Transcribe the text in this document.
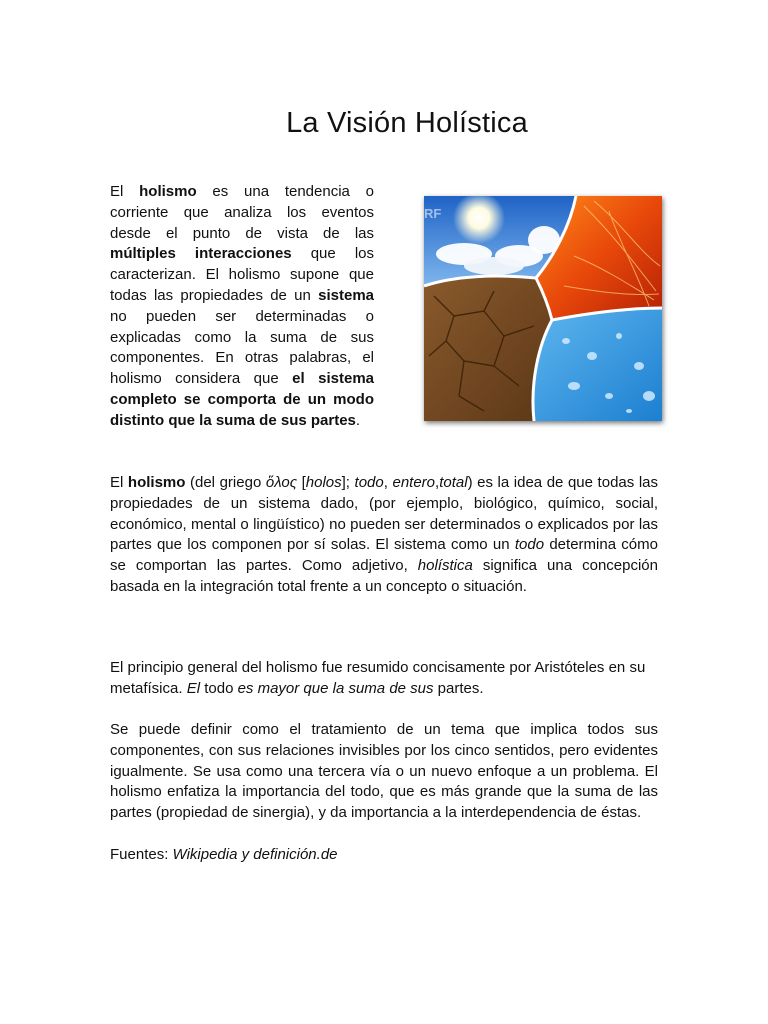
La Visión Holística

El holismo es una tendencia o corriente que analiza los eventos desde el punto de vista de las múltiples interacciones que los caracterizan. El holismo supone que todas las propiedades de un sistema no pueden ser determinadas o explicadas como la suma de sus componentes. En otras palabras, el holismo considera que el sistema completo se comporta de un modo distinto que la suma de sus partes.

RF

El holismo (del griego ὅλος [holos]; todo, entero,total) es la idea de que todas las propiedades de un sistema dado, (por ejemplo, biológico, químico, social, económico, mental o lingüístico) no pueden ser determinados o explicados por las partes que los componen por sí solas. El sistema como un todo determina cómo se comportan las partes. Como adjetivo, holística significa una concepción basada en la integración total frente a un concepto o situación.

El principio general del holismo fue resumido concisamente por Aristóteles en su metafísica. El todo es mayor que la suma de sus partes.

Se puede definir como el tratamiento de un tema que implica todos sus componentes, con sus relaciones invisibles por los cinco sentidos, pero evidentes igualmente. Se usa como una tercera vía o un nuevo enfoque a un problema. El holismo enfatiza la importancia del todo, que es más grande que la suma de las partes (propiedad de sinergia), y da importancia a la interdependencia de éstas.

Fuentes: Wikipedia y definición.de
